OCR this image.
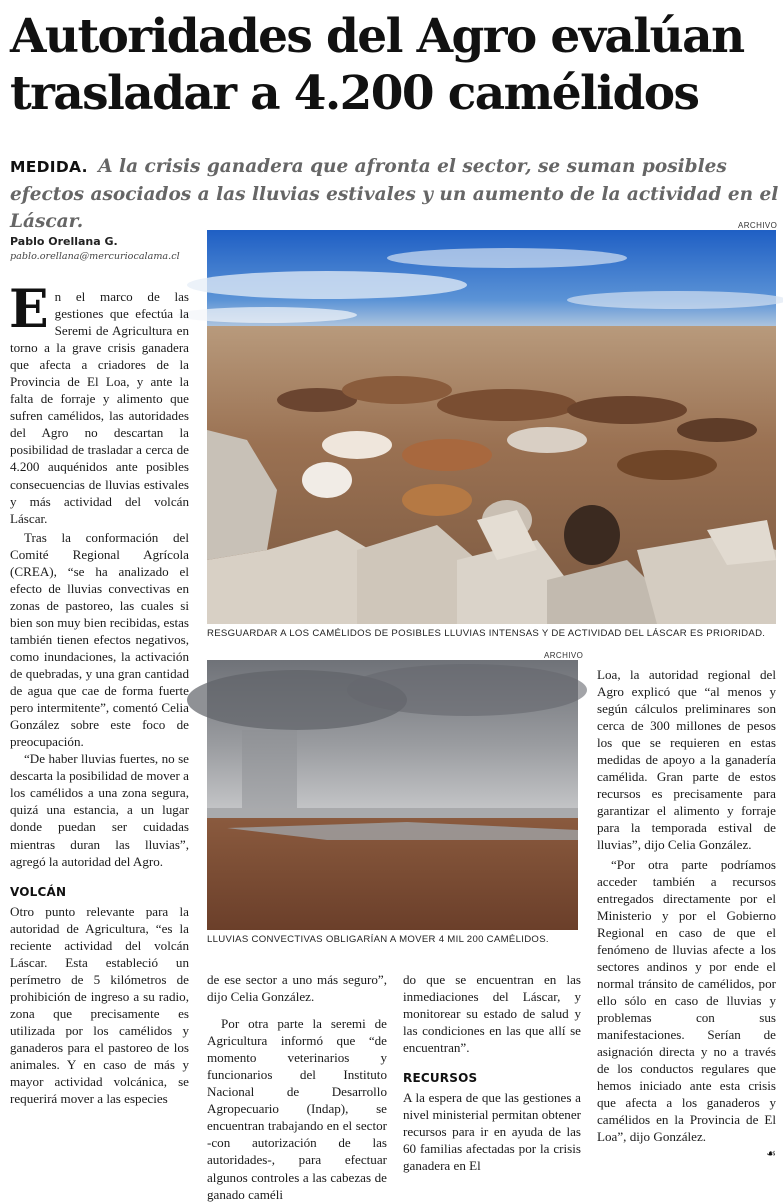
Autoridades del Agro evalúan
trasladar a 4.200 camélidos
MEDIDA. A la crisis ganadera que afronta el sector, se suman posibles efectos asociados a las lluvias estivales y un aumento de la actividad en el Láscar.
Pablo Orellana G.
pablo.orellana@mercuriocalama.cl
ARCHIVO
RESGUARDAR A LOS CAMÉLIDOS DE POSIBLES LLUVIAS INTENSAS Y DE ACTIVIDAD DEL LÁSCAR ES PRIORIDAD.
ARCHIVO
LLUVIAS CONVECTIVAS OBLIGARÍAN A MOVER 4 MIL 200 CAMÉLIDOS.

En el marco de las gestiones que efectúa la Seremi de Agricultura en torno a la grave crisis ganadera que afecta a criadores de la Provincia de El Loa, y ante la falta de forraje y alimento que sufren camélidos, las autoridades del Agro no descartan la posibilidad de trasladar a cerca de 4.200 auquénidos ante posibles consecuencias de lluvias estivales y más actividad del volcán Láscar.

Tras la conformación del Comité Regional Agrícola (CREA), “se ha analizado el efecto de lluvias convectivas en zonas de pastoreo, las cuales si bien son muy bien recibidas, estas también tienen efectos negativos, como inundaciones, la activación de quebradas, y una gran cantidad de agua que cae de forma fuerte pero intermitente”, comentó Celia González sobre este foco de preocupación.

“De haber lluvias fuertes, no se descarta la posibilidad de mover a los camélidos a una zona segura, quizá una estancia, a un lugar donde puedan ser cuidadas mientras duran las lluvias”, agregó la autoridad del Agro.

VOLCÁN

Otro punto relevante para la autoridad de Agricultura, “es la reciente actividad del volcán Láscar. Esta estableció un perímetro de 5 kilómetros de prohibición de ingreso a su radio, zona que precisamente es utilizada por los camélidos y ganaderos para el pastoreo de los animales. Y en caso de más y mayor actividad volcánica, se requerirá mover a las especies

de ese sector a uno más seguro”, dijo Celia González.

Por otra parte la seremi de Agricultura informó que “de momento veterinarios y funcionarios del Instituto Nacional de Desarrollo Agropecuario (Indap), se encuentran trabajando en el sector -con autorización de las autoridades-, para efectuar algunos controles a las cabezas de ganado caméli

do que se encuentran en las inmediaciones del Láscar, y monitorear su estado de salud y las condiciones en las que allí se encuentran”.

RECURSOS

A la espera de que las gestiones a nivel ministerial permitan obtener recursos para ir en ayuda de las 60 familias afectadas por la crisis ganadera en El

Loa, la autoridad regional del Agro explicó que “al menos y según cálculos preliminares son cerca de 300 millones de pesos los que se requieren en estas medidas de apoyo a la ganadería camélida. Gran parte de estos recursos es precisamente para garantizar el alimento y forraje para la temporada estival de lluvias”, dijo Celia González.

“Por otra parte podríamos acceder también a recursos entregados directamente por el Ministerio y por el Gobierno Regional en caso de que el fenómeno de lluvias afecte a los sectores andinos y por ende el normal tránsito de camélidos, por ello sólo en caso de lluvias y problemas con sus manifestaciones. Serían de asignación directa y no a través de los conductos regulares que hemos iniciado ante esta crisis que afecta a los ganaderos y camélidos en la Provincia de El Loa”, dijo González.

☙
